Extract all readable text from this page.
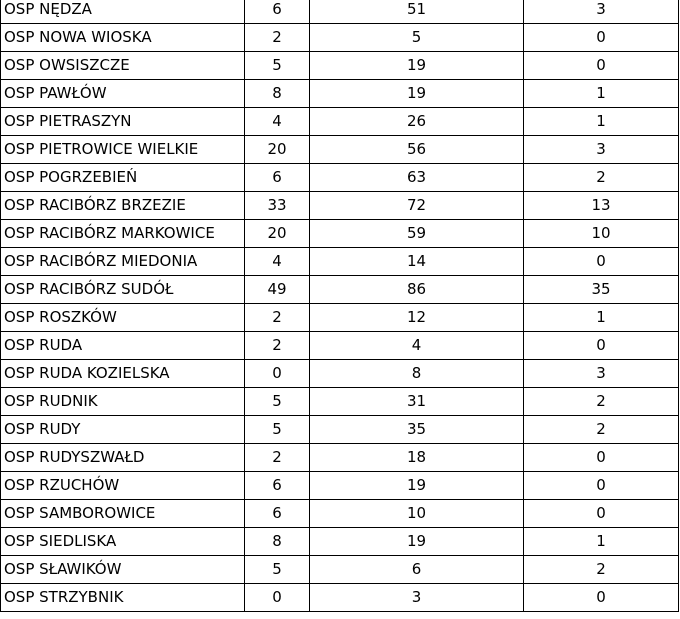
OSP NĘDZA	6	51	3
OSP NOWA WIOSKA	2	5	0
OSP OWSISZCZE	5	19	0
OSP PAWŁÓW	8	19	1
OSP PIETRASZYN	4	26	1
OSP PIETROWICE WIELKIE	20	56	3
OSP POGRZEBIEŃ	6	63	2
OSP RACIBÓRZ BRZEZIE	33	72	13
OSP RACIBÓRZ MARKOWICE	20	59	10
OSP RACIBÓRZ MIEDONIA	4	14	0
OSP RACIBÓRZ SUDÓŁ	49	86	35
OSP ROSZKÓW	2	12	1
OSP RUDA	2	4	0
OSP RUDA KOZIELSKA	0	8	3
OSP RUDNIK	5	31	2
OSP RUDY	5	35	2
OSP RUDYSZWAŁD	2	18	0
OSP RZUCHÓW	6	19	0
OSP SAMBOROWICE	6	10	0
OSP SIEDLISKA	8	19	1
OSP SŁAWIKÓW	5	6	2
OSP STRZYBNIK	0	3	0
